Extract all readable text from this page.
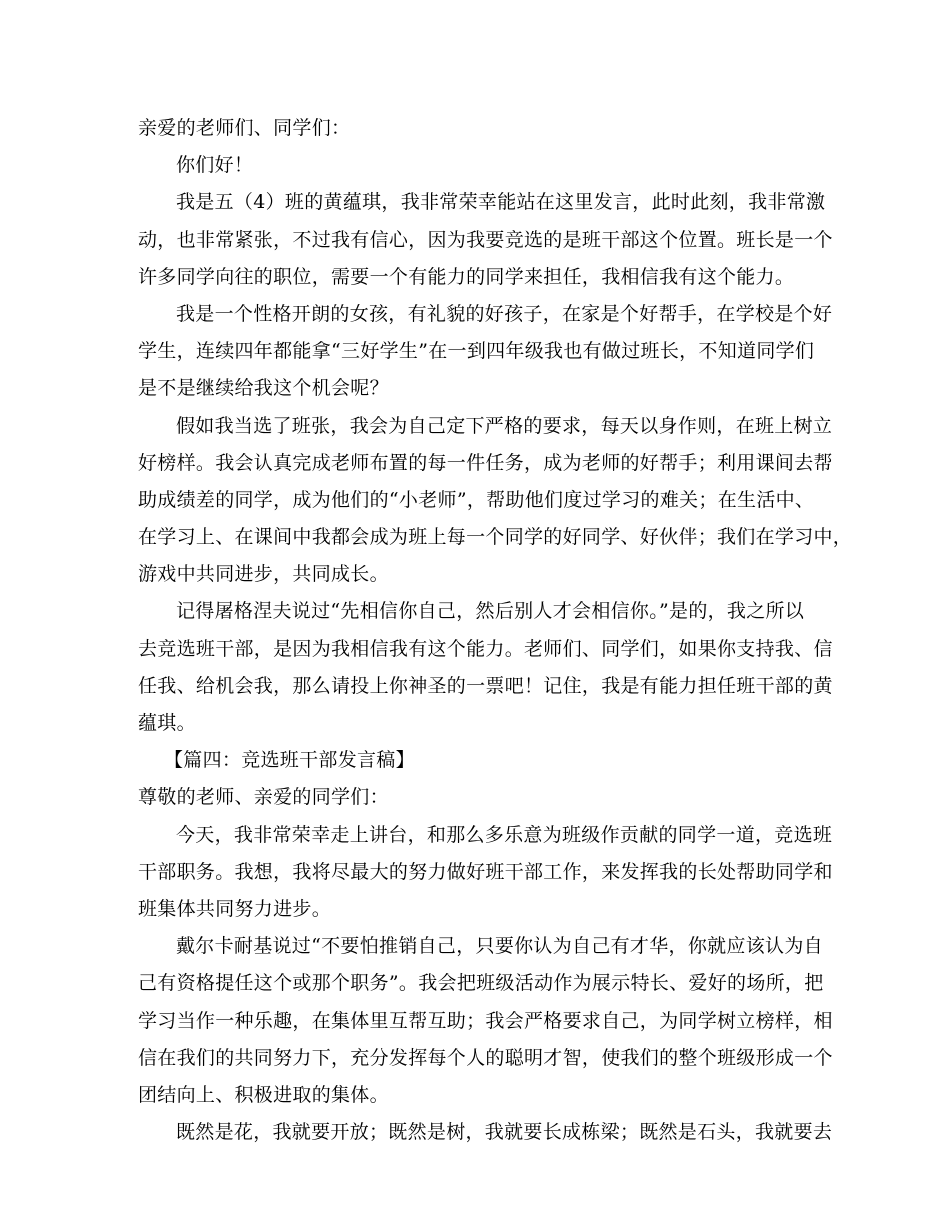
亲爱的老师们、同学们：
你们好！
我是五（4）班的黄蕴琪，我非常荣幸能站在这里发言，此时此刻，我非常激
动，也非常紧张，不过我有信心，因为我要竞选的是班干部这个位置。班长是一个
许多同学向往的职位，需要一个有能力的同学来担任，我相信我有这个能力。
我是一个性格开朗的女孩，有礼貌的好孩子，在家是个好帮手，在学校是个好
学生，连续四年都能拿“三好学生”在一到四年级我也有做过班长，不知道同学们
是不是继续给我这个机会呢？
假如我当选了班张，我会为自己定下严格的要求，每天以身作则，在班上树立
好榜样。我会认真完成老师布置的每一件任务，成为老师的好帮手；利用课间去帮
助成绩差的同学，成为他们的“小老师”，帮助他们度过学习的难关；在生活中、
在学习上、在课间中我都会成为班上每一个同学的好同学、好伙伴；我们在学习中，
游戏中共同进步，共同成长。
记得屠格涅夫说过“先相信你自己，然后别人才会相信你。”是的，我之所以
去竞选班干部，是因为我相信我有这个能力。老师们、同学们，如果你支持我、信
任我、给机会我，那么请投上你神圣的一票吧！记住，我是有能力担任班干部的黄
蕴琪。
【篇四：竞选班干部发言稿】
尊敬的老师、亲爱的同学们：
今天，我非常荣幸走上讲台，和那么多乐意为班级作贡献的同学一道，竞选班
干部职务。我想，我将尽最大的努力做好班干部工作，来发挥我的长处帮助同学和
班集体共同努力进步。
戴尔卡耐基说过“不要怕推销自己，只要你认为自己有才华，你就应该认为自
己有资格提任这个或那个职务”。我会把班级活动作为展示特长、爱好的场所，把
学习当作一种乐趣，在集体里互帮互助；我会严格要求自己，为同学树立榜样，相
信在我们的共同努力下，充分发挥每个人的聪明才智，使我们的整个班级形成一个
团结向上、积极进取的集体。
既然是花，我就要开放；既然是树，我就要长成栋梁；既然是石头，我就要去
